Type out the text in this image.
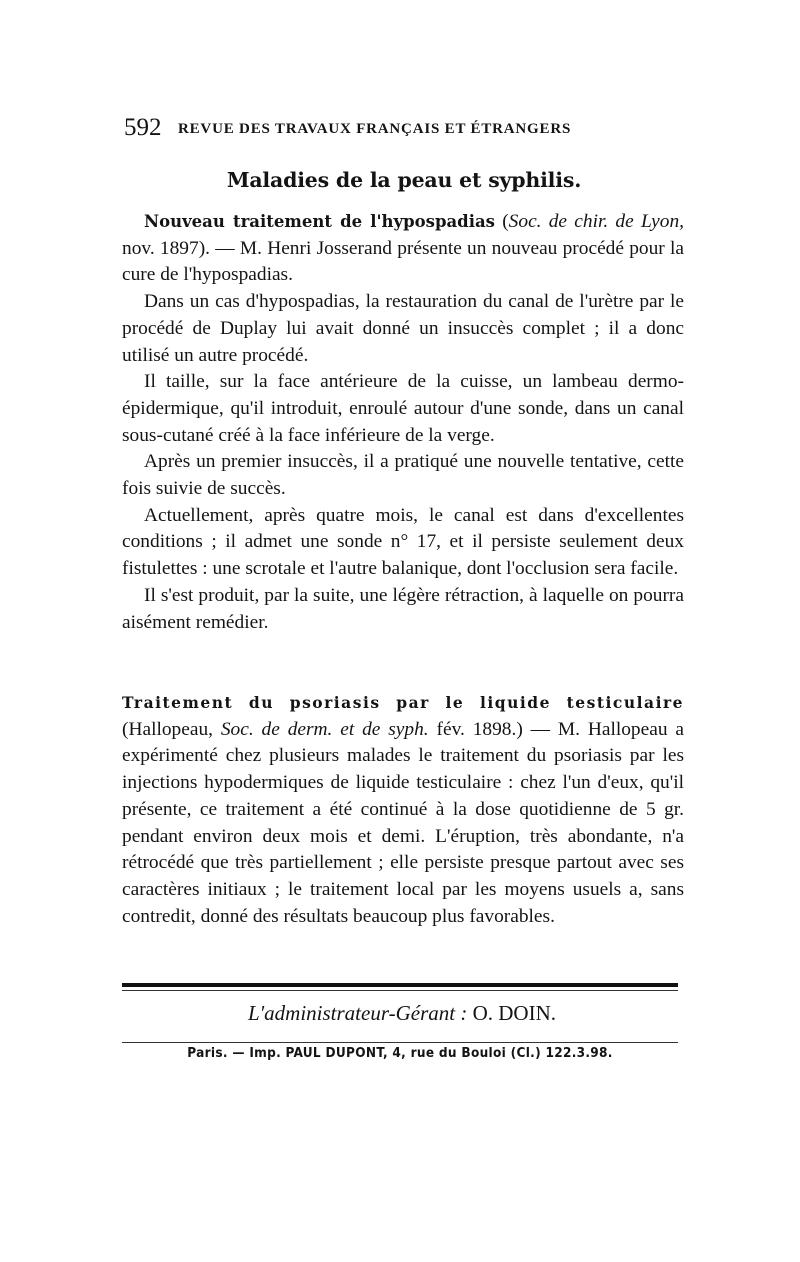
592 REVUE DES TRAVAUX FRANÇAIS ET ÉTRANGERS
Maladies de la peau et syphilis.

Nouveau traitement de l'hypospadias (Soc. de chir. de Lyon, nov. 1897). — M. Henri Josserand présente un nouveau procédé pour la cure de l'hypospadias.

Dans un cas d'hypospadias, la restauration du canal de l'urètre par le procédé de Duplay lui avait donné un insuccès complet ; il a donc utilisé un autre procédé.

Il taille, sur la face antérieure de la cuisse, un lambeau dermo-épidermique, qu'il introduit, enroulé autour d'une sonde, dans un canal sous-cutané créé à la face inférieure de la verge.

Après un premier insuccès, il a pratiqué une nouvelle tentative, cette fois suivie de succès.

Actuellement, après quatre mois, le canal est dans d'excellentes conditions ; il admet une sonde n° 17, et il persiste seulement deux fistulettes : une scrotale et l'autre balanique, dont l'occlusion sera facile.

Il s'est produit, par la suite, une légère rétraction, à laquelle on pourra aisément remédier.

Traitement du psoriasis par le liquide testiculaire
(Hallopeau, Soc. de derm. et de syph. fév. 1898.) — M. Hallopeau a expérimenté chez plusieurs malades le traitement du psoriasis par les injections hypodermiques de liquide testiculaire : chez l'un d'eux, qu'il présente, ce traitement a été continué à la dose quotidienne de 5 gr. pendant environ deux mois et demi. L'éruption, très abondante, n'a rétrocédé que très partiellement ; elle persiste presque partout avec ses caractères initiaux ; le traitement local par les moyens usuels a, sans contredit, donné des résultats beaucoup plus favorables.

L'administrateur-Gérant : O. DOIN.
Paris. — Imp. PAUL DUPONT, 4, rue du Bouloi (Cl.) 122.3.98.
